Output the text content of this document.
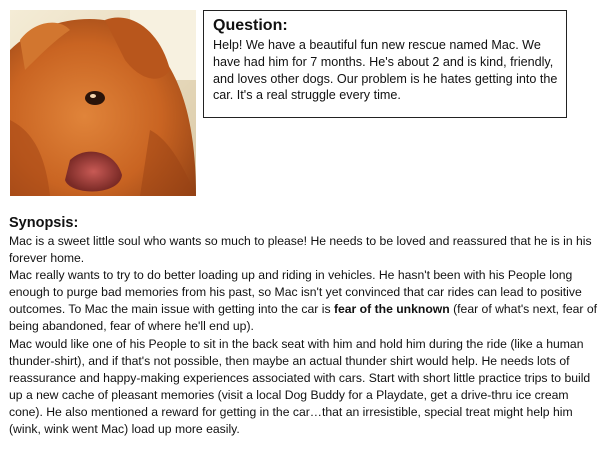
Question:

Help! We have a beautiful fun new rescue named Mac. We have had him for 7 months. He's about 2 and is kind, friendly, and loves other dogs. Our problem is he hates getting into the car. It's a real struggle every time.

Synopsis:

Mac is a sweet little soul who wants so much to please! He needs to be loved and reassured that he is in his forever home.

Mac really wants to try to do better loading up and riding in vehicles. He hasn't been with his People long enough to purge bad memories from his past, so Mac isn't yet convinced that car rides can lead to positive outcomes. To Mac the main issue with getting into the car is fear of the unknown (fear of what's next, fear of being abandoned, fear of where he'll end up).

Mac would like one of his People to sit in the back seat with him and hold him during the ride (like a human thunder-shirt), and if that's not possible, then maybe an actual thunder shirt would help. He needs lots of reassurance and happy-making experiences associated with cars. Start with short little practice trips to build up a new cache of pleasant memories (visit a local Dog Buddy for a Playdate, get a drive-thru ice cream cone). He also mentioned a reward for getting in the car…that an irresistible, special treat might help him (wink, wink went Mac) load up more easily.
